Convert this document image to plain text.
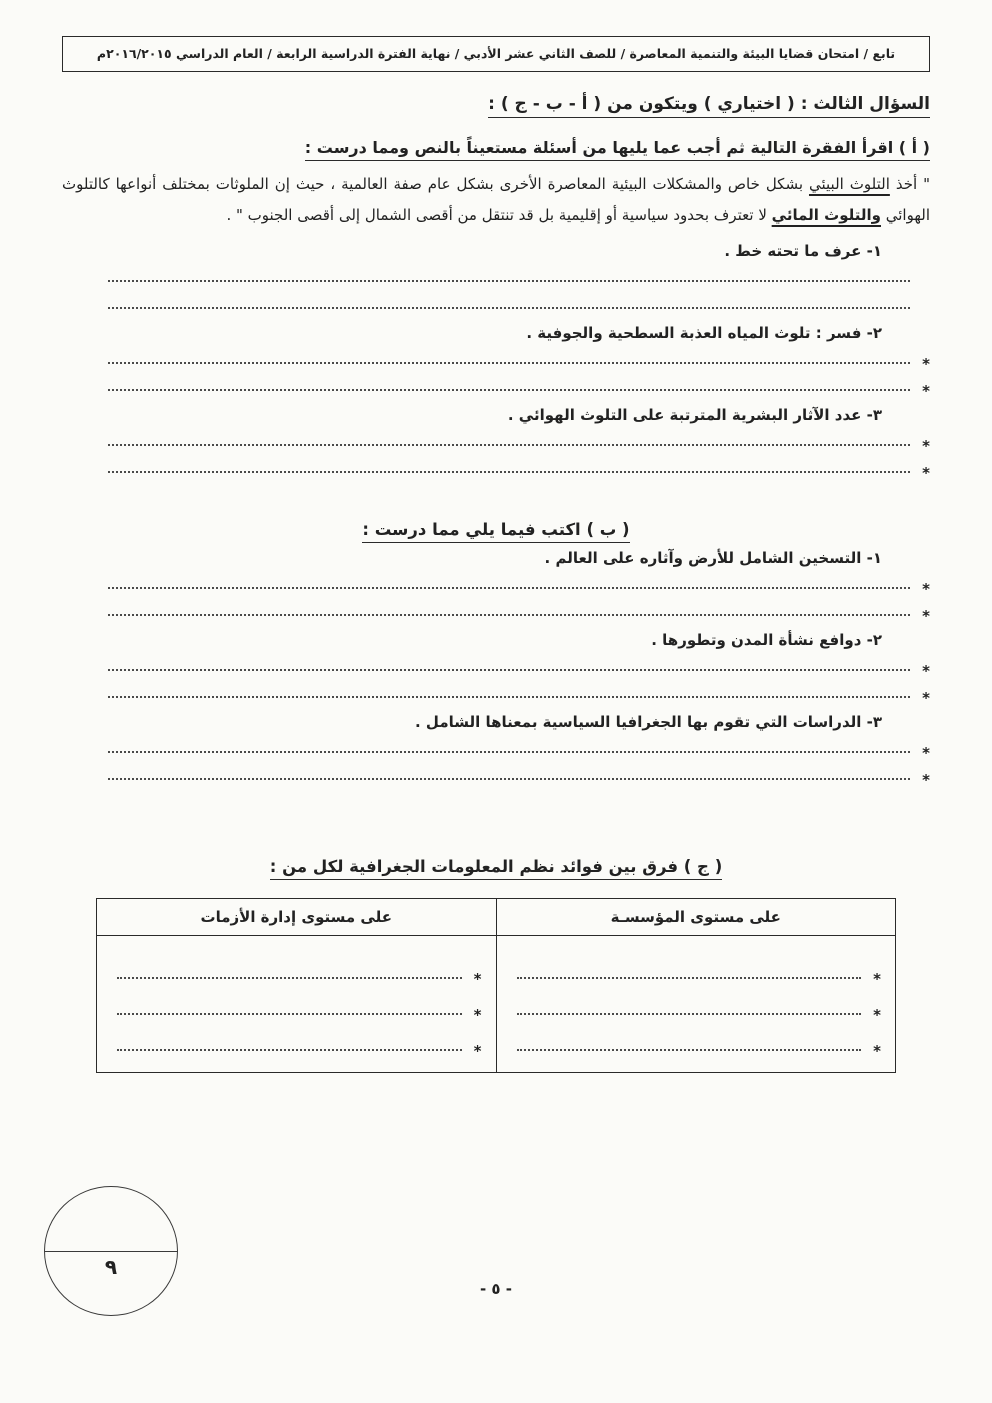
تابع / امتحان قضايا البيئة والتنمية المعاصرة / للصف الثاني عشر الأدبي / نهاية الفترة الدراسية الرابعة / العام الدراسي ٢٠١٦/٢٠١٥م
السؤال الثالث : ( اختياري ) ويتكون من ( أ - ب - ج ) :
( أ ) اقرأ الفقرة التالية ثم أجب عما يليها من أسئلة مستعيناً بالنص ومما درست :

" أخذ التلوث البيئي بشكل خاص والمشكلات البيئية المعاصرة الأخرى بشكل عام صفة العالمية ، حيث إن الملوثات بمختلف أنواعها كالتلوث الهوائي والتلوث المائي لا تعترف بحدود سياسية أو إقليمية بل قد تنتقل من أقصى الشمال إلى أقصى الجنوب " .

١- عرف ما تحته خط .
٢- فسر : تلوث المياه العذبة السطحية والجوفية .
*
*
٣- عدد الآثار البشرية المترتبة على التلوث الهوائي .
*
*
( ب ) اكتب فيما يلي مما درست :
١- التسخين الشامل للأرض وآثاره على العالم .
*
*
٢- دوافع نشأة المدن وتطورها .
*
*
٣- الدراسات التي تقوم بها الجغرافيا السياسية بمعناها الشامل .
*
*
( ج ) فرق بين فوائد نظم المعلومات الجغرافية لكل من :
على مستوى المؤسسـة	على مستوى إدارة الأزمات

*
*
*

*
*
*
- ٥ -
٩
